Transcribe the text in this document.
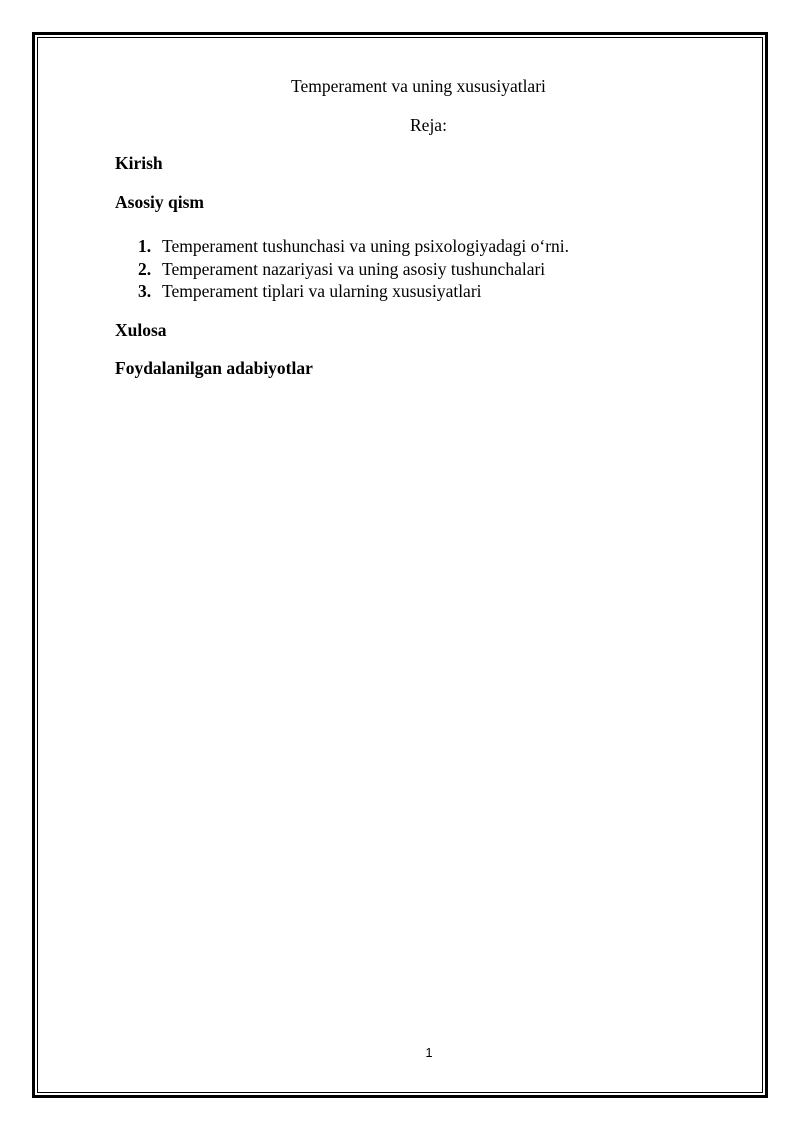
Temperament va uning xususiyatlari
Reja:
Kirish
Asosiy qism
1. Temperament tushunchasi va uning psixologiyadagi o‘rni.
2. Temperament nazariyasi va uning asosiy tushunchalari
3. Temperament tiplari va ularning xususiyatlari
Xulosa
Foydalanilgan adabiyotlar
1
